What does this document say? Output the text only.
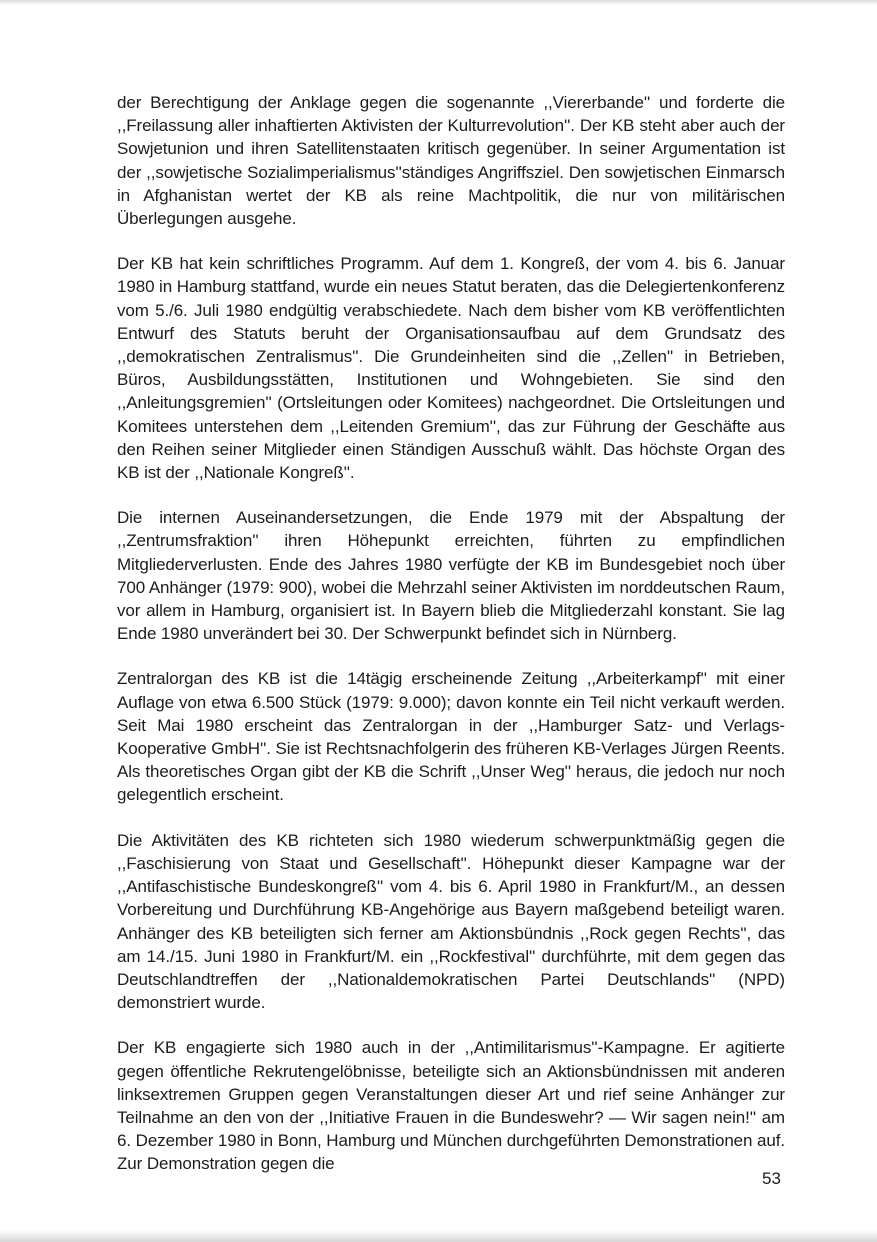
der Berechtigung der Anklage gegen die sogenannte ,,Viererbande'' und forderte die ,,Freilassung aller inhaftierten Aktivisten der Kulturrevolution''. Der KB steht aber auch der Sowjetunion und ihren Satellitenstaaten kritisch gegenüber. In seiner Argumentation ist der ,,sowjetische Sozialimperialismus''ständiges Angriffsziel. Den sowjetischen Einmarsch in Afghanistan wertet der KB als reine Machtpolitik, die nur von militärischen Überlegungen ausgehe.

Der KB hat kein schriftliches Programm. Auf dem 1. Kongreß, der vom 4. bis 6. Januar 1980 in Hamburg stattfand, wurde ein neues Statut beraten, das die Delegiertenkonferenz vom 5./6. Juli 1980 endgültig verabschiedete. Nach dem bisher vom KB veröffentlichten Entwurf des Statuts beruht der Organisationsaufbau auf dem Grundsatz des ,,demokratischen Zentralismus''. Die Grundeinheiten sind die ,,Zellen'' in Betrieben, Büros, Ausbildungsstätten, Institutionen und Wohngebieten. Sie sind den ,,Anleitungsgremien'' (Ortsleitungen oder Komitees) nachgeordnet. Die Ortsleitungen und Komitees unterstehen dem ,,Leitenden Gremium'', das zur Führung der Geschäfte aus den Reihen seiner Mitglieder einen Ständigen Ausschuß wählt. Das höchste Organ des KB ist der ,,Nationale Kongreß''.

Die internen Auseinandersetzungen, die Ende 1979 mit der Abspaltung der ,,Zentrumsfraktion'' ihren Höhepunkt erreichten, führten zu empfindlichen Mitgliederverlusten. Ende des Jahres 1980 verfügte der KB im Bundesgebiet noch über 700 Anhänger (1979: 900), wobei die Mehrzahl seiner Aktivisten im norddeutschen Raum, vor allem in Hamburg, organisiert ist. In Bayern blieb die Mitgliederzahl konstant. Sie lag Ende 1980 unverändert bei 30. Der Schwerpunkt befindet sich in Nürnberg.

Zentralorgan des KB ist die 14tägig erscheinende Zeitung ,,Arbeiterkampf'' mit einer Auflage von etwa 6.500 Stück (1979: 9.000); davon konnte ein Teil nicht verkauft werden. Seit Mai 1980 erscheint das Zentralorgan in der ,,Hamburger Satz- und Verlags-Kooperative GmbH''. Sie ist Rechtsnachfolgerin des früheren KB-Verlages Jürgen Reents. Als theoretisches Organ gibt der KB die Schrift ,,Unser Weg'' heraus, die jedoch nur noch gelegentlich erscheint.

Die Aktivitäten des KB richteten sich 1980 wiederum schwerpunktmäßig gegen die ,,Faschisierung von Staat und Gesellschaft''. Höhepunkt dieser Kampagne war der ,,Antifaschistische Bundeskongreß'' vom 4. bis 6. April 1980 in Frankfurt/M., an dessen Vorbereitung und Durchführung KB-Angehörige aus Bayern maßgebend beteiligt waren. Anhänger des KB beteiligten sich ferner am Aktionsbündnis ,,Rock gegen Rechts'', das am 14./15. Juni 1980 in Frankfurt/M. ein ,,Rockfestival'' durchführte, mit dem gegen das Deutschlandtreffen der ,,Nationaldemokratischen Partei Deutschlands'' (NPD) demonstriert wurde.

Der KB engagierte sich 1980 auch in der ,,Antimilitarismus''-Kampagne. Er agitierte gegen öffentliche Rekrutengelöbnisse, beteiligte sich an Aktionsbündnissen mit anderen linksextremen Gruppen gegen Veranstaltungen dieser Art und rief seine Anhänger zur Teilnahme an den von der ,,Initiative Frauen in die Bundeswehr? — Wir sagen nein!'' am 6. Dezember 1980 in Bonn, Hamburg und München durchgeführten Demonstrationen auf. Zur Demonstration gegen die

53
